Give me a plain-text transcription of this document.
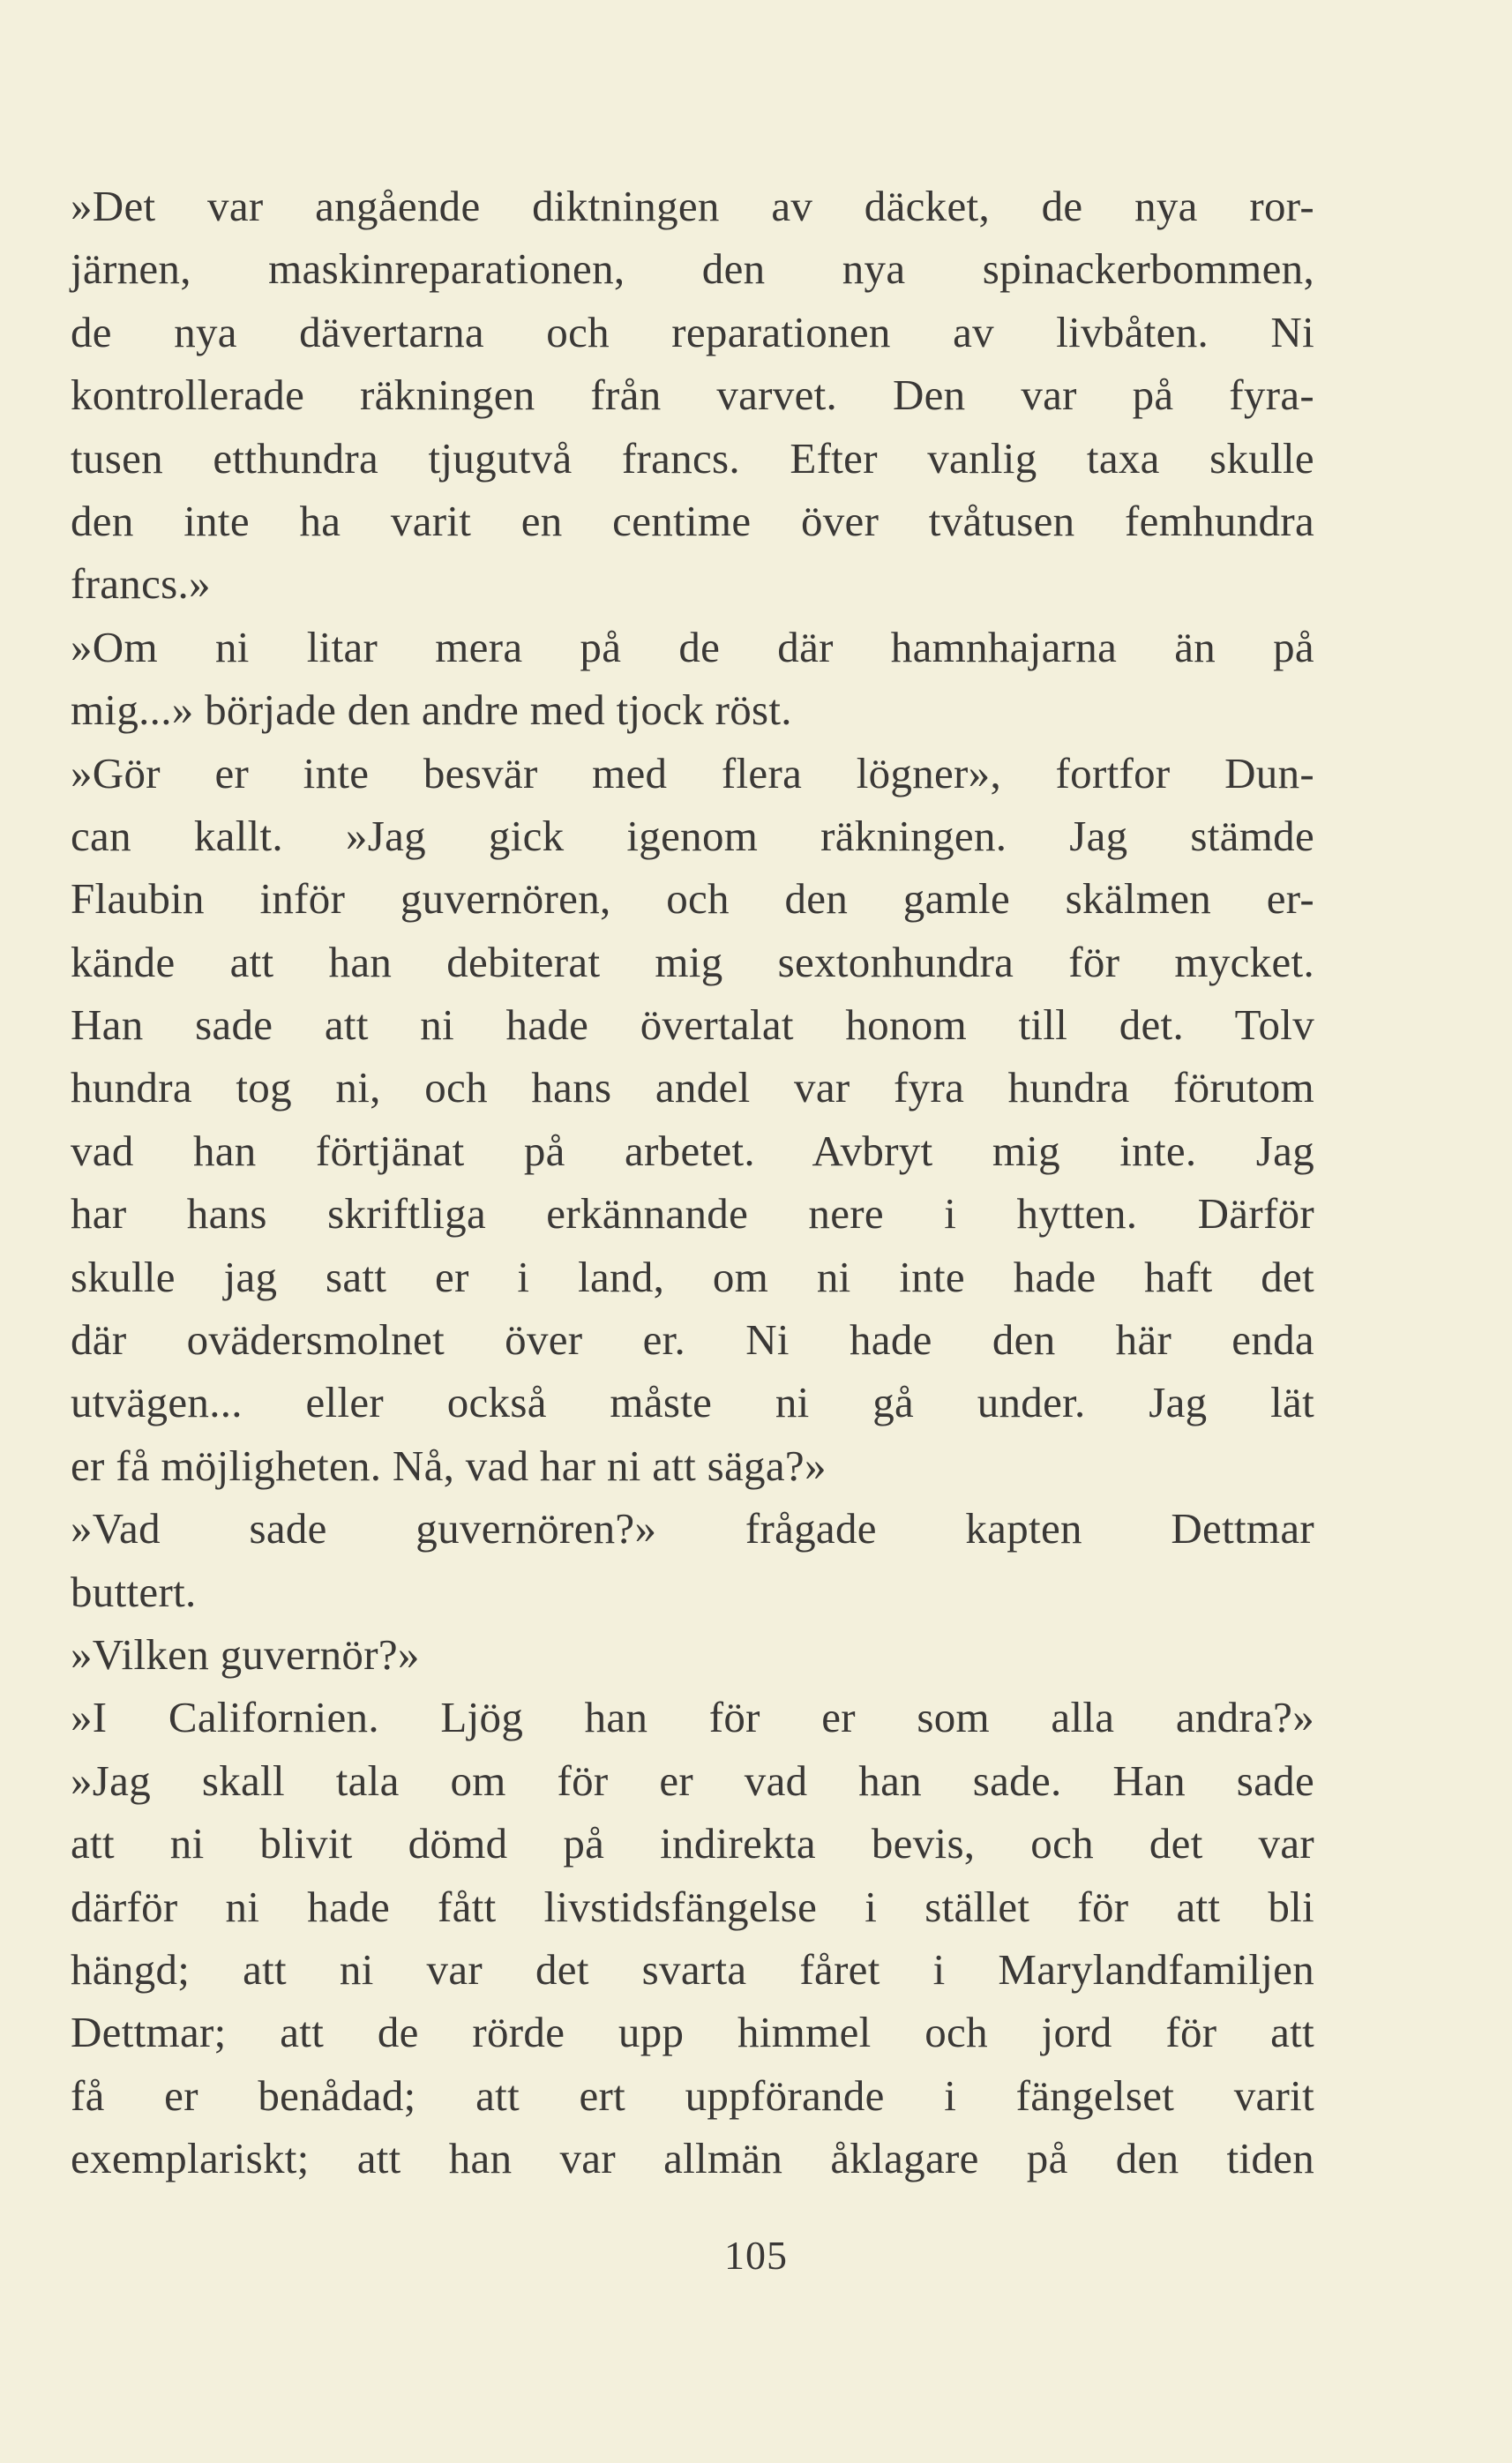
»Det var angående diktningen av däcket, de nya ror-
järnen, maskinreparationen, den nya spinackerbommen,
de nya dävertarna och reparationen av livbåten. Ni
kontrollerade räkningen från varvet. Den var på fyra-
tusen etthundra tjugutvå francs. Efter vanlig taxa skulle
den inte ha varit en centime över tvåtusen femhundra
francs.»
»Om ni litar mera på de där hamnhajarna än på
mig...» började den andre med tjock röst.
»Gör er inte besvär med flera lögner», fortfor Dun-
can kallt. »Jag gick igenom räkningen. Jag stämde
Flaubin inför guvernören, och den gamle skälmen er-
kände att han debiterat mig sextonhundra för mycket.
Han sade att ni hade övertalat honom till det. Tolv
hundra tog ni, och hans andel var fyra hundra förutom
vad han förtjänat på arbetet. Avbryt mig inte. Jag
har hans skriftliga erkännande nere i hytten. Därför
skulle jag satt er i land, om ni inte hade haft det
där ovädersmolnet över er. Ni hade den här enda
utvägen... eller också måste ni gå under. Jag lät
er få möjligheten. Nå, vad har ni att säga?»
»Vad sade guvernören?» frågade kapten Dettmar
buttert.
»Vilken guvernör?»
»I Californien. Ljög han för er som alla andra?»
»Jag skall tala om för er vad han sade. Han sade
att ni blivit dömd på indirekta bevis, och det var
därför ni hade fått livstidsfängelse i stället för att bli
hängd; att ni var det svarta fåret i Marylandfamiljen
Dettmar; att de rörde upp himmel och jord för att
få er benådad; att ert uppförande i fängelset varit
exemplariskt; att han var allmän åklagare på den tiden
105
